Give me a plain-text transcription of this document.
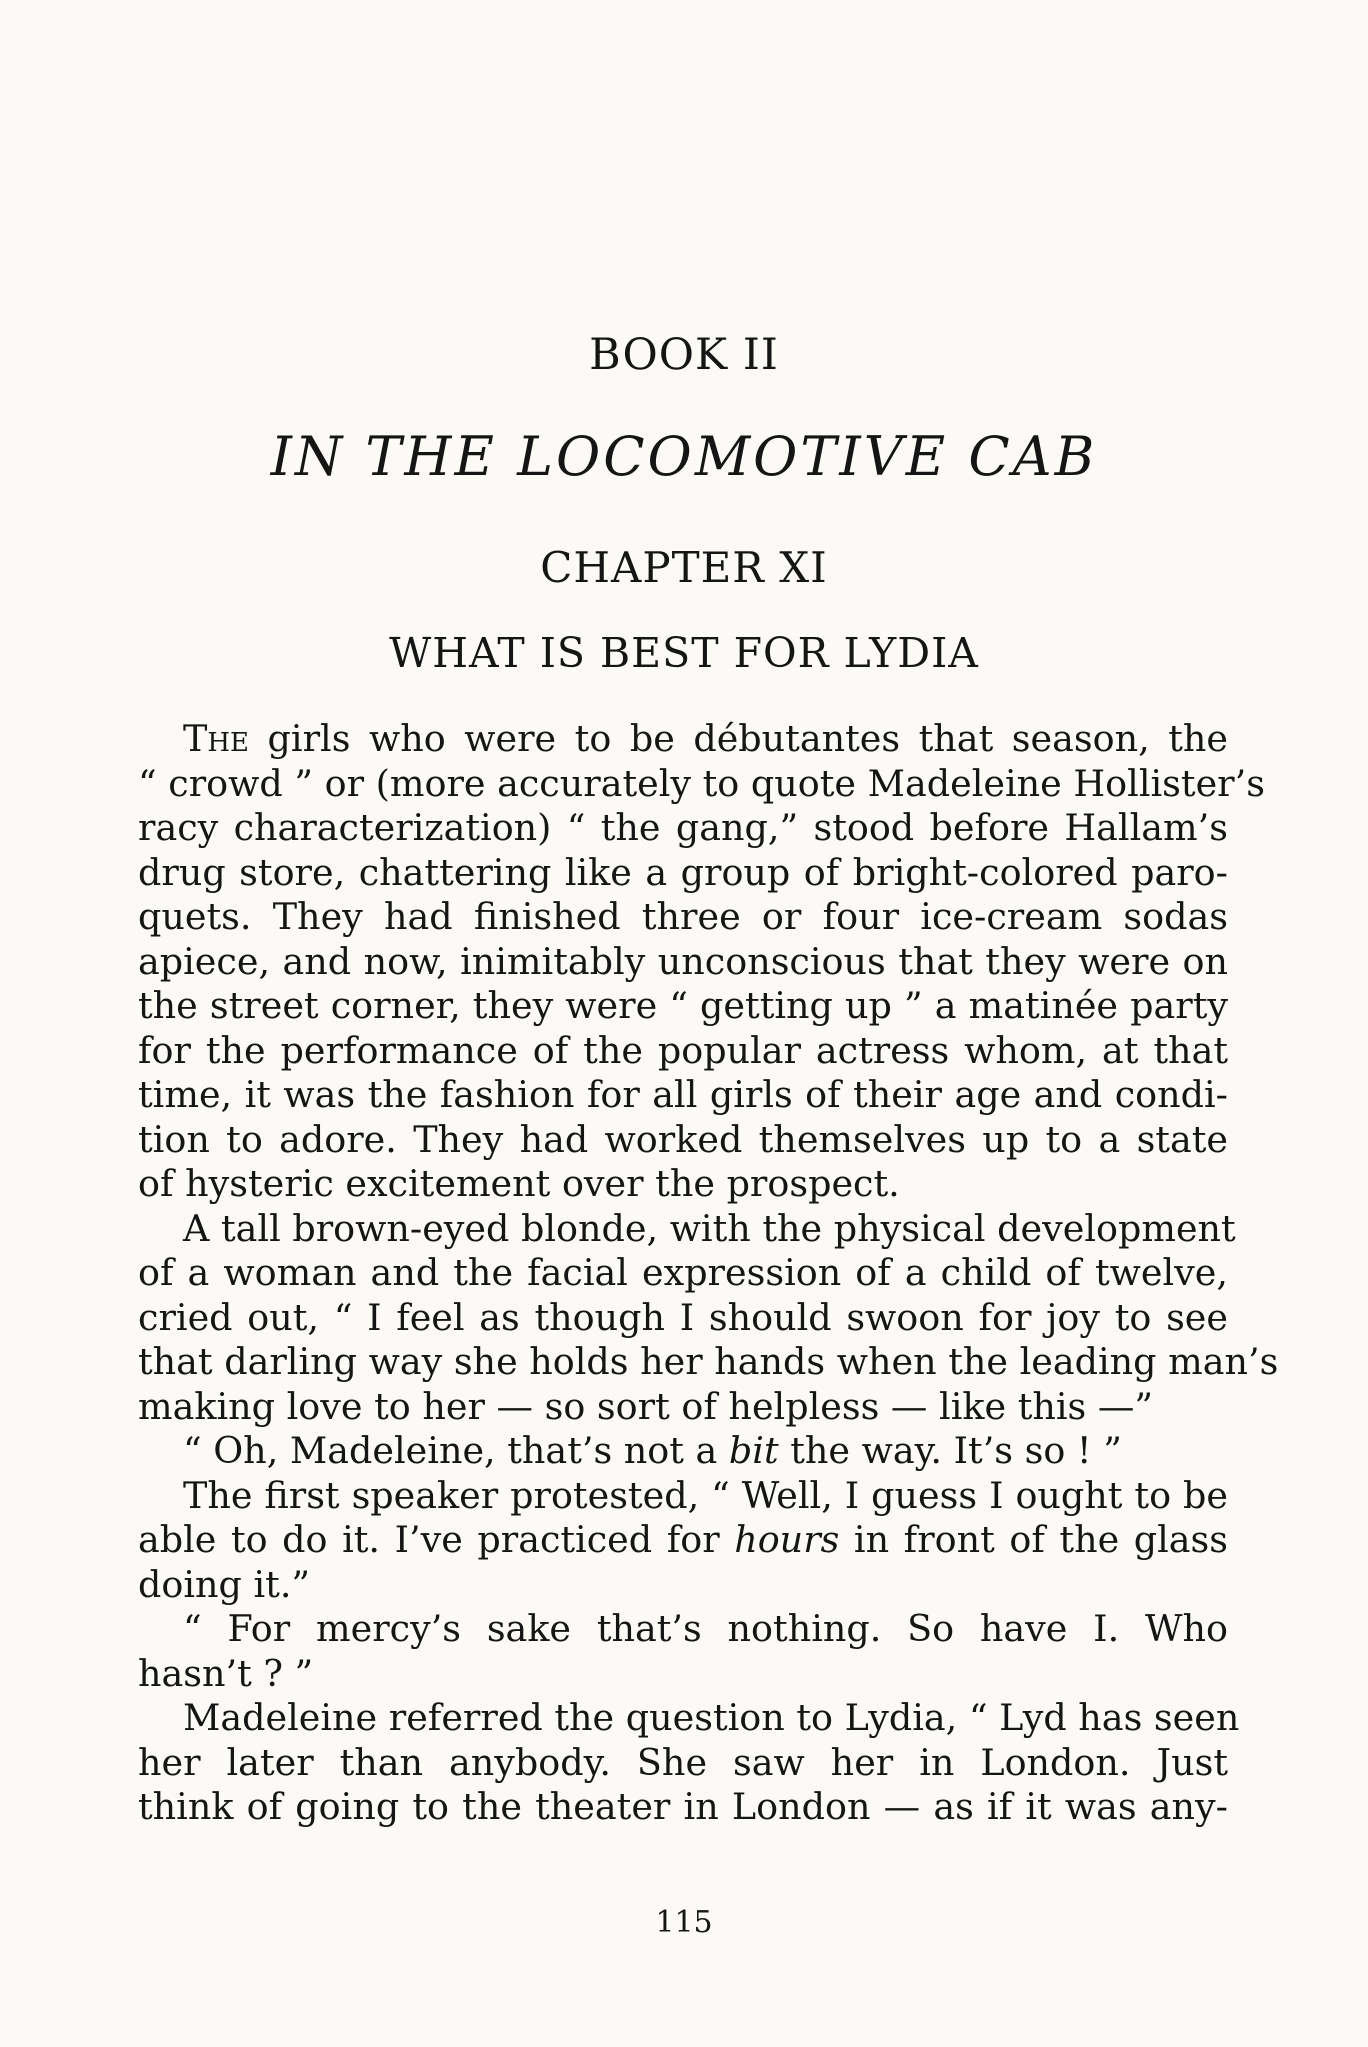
BOOK II
IN THE LOCOMOTIVE CAB
CHAPTER XI
WHAT IS BEST FOR LYDIA
The girls who were to be débutantes that season, the
“ crowd ” or (more accurately to quote Madeleine Hollister’s
racy characterization) “ the gang,” stood before Hallam’s
drug store, chattering like a group of bright-colored paro-
quets. They had finished three or four ice-cream sodas
apiece, and now, inimitably unconscious that they were on
the street corner, they were “ getting up ” a matinée party
for the performance of the popular actress whom, at that
time, it was the fashion for all girls of their age and condi-
tion to adore. They had worked themselves up to a state
of hysteric excitement over the prospect.
A tall brown-eyed blonde, with the physical development
of a woman and the facial expression of a child of twelve,
cried out, “ I feel as though I should swoon for joy to see
that darling way she holds her hands when the leading man’s
making love to her — so sort of helpless — like this —”
“ Oh, Madeleine, that’s not a bit the way. It’s so ! ”
The first speaker protested, “ Well, I guess I ought to be
able to do it. I’ve practiced for hours in front of the glass
doing it.”
“ For mercy’s sake that’s nothing. So have I. Who
hasn’t ? ”
Madeleine referred the question to Lydia, “ Lyd has seen
her later than anybody. She saw her in London. Just
think of going to the theater in London — as if it was any-
115
